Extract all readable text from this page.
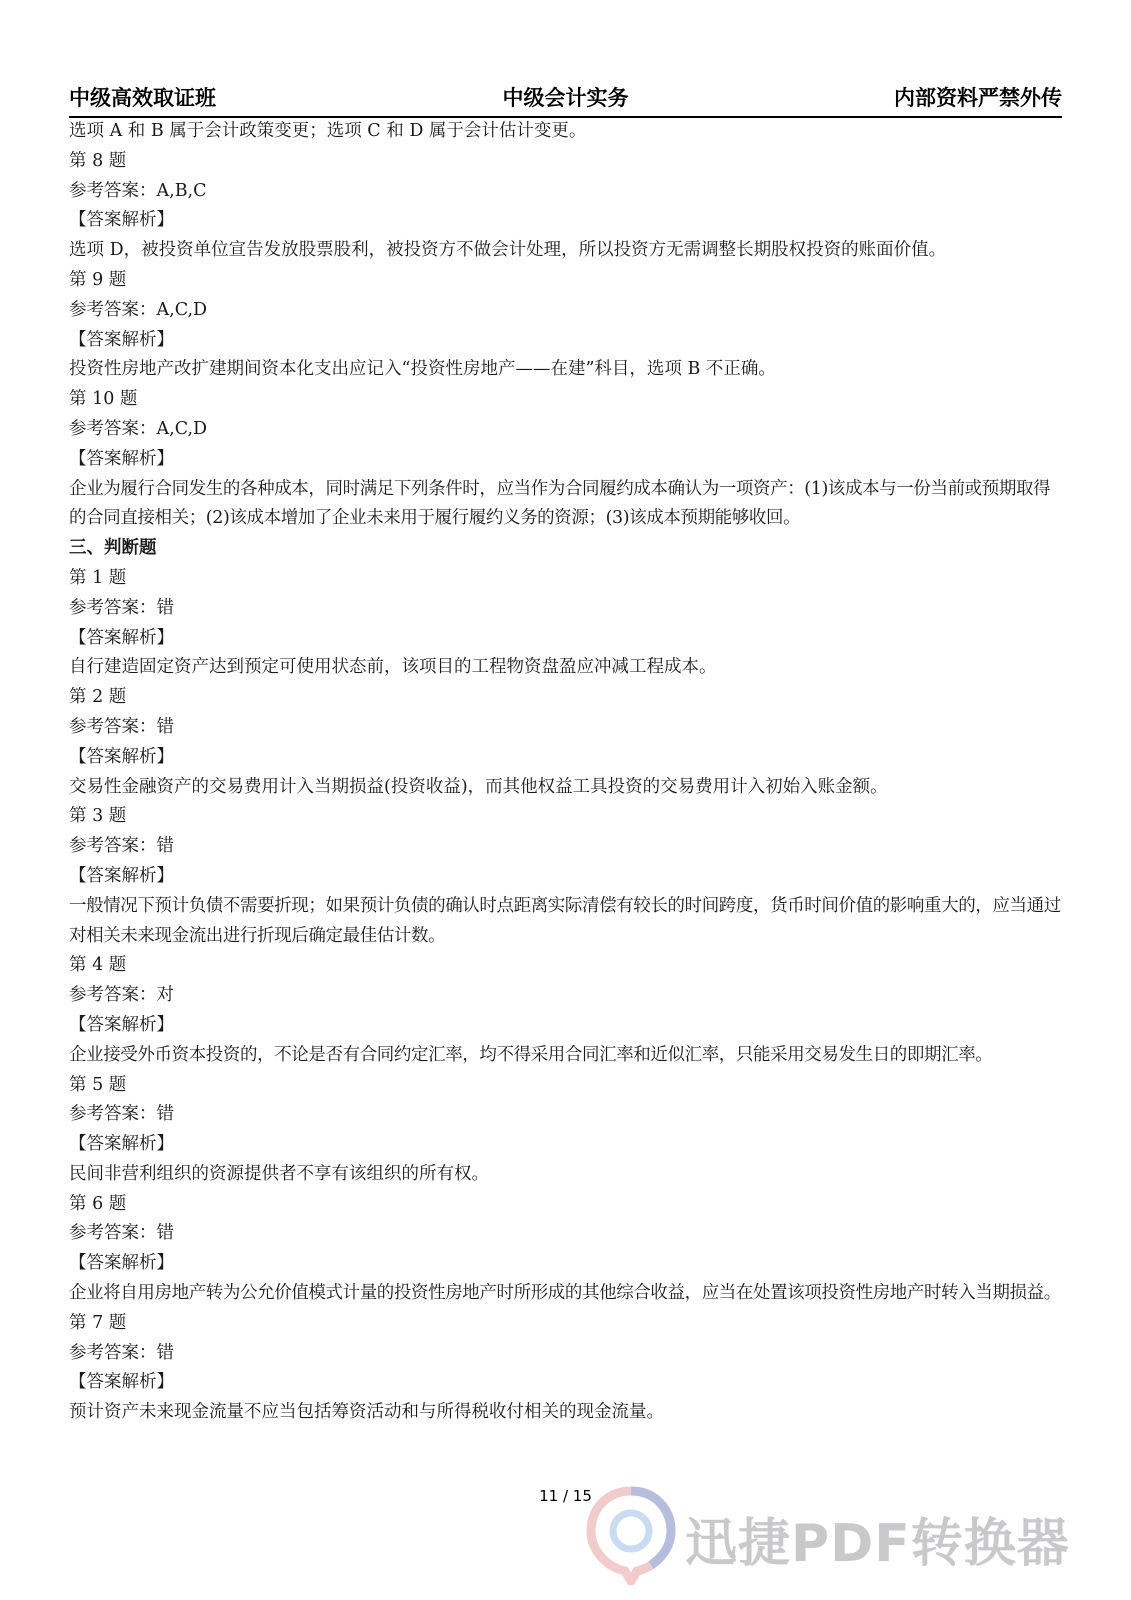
中级高效取证班	中级会计实务	内部资料严禁外传

选项 A 和 B 属于会计政策变更；选项 C 和 D 属于会计估计变更。

第 8 题

参考答案：A,B,C

【答案解析】

选项 D，被投资单位宣告发放股票股利，被投资方不做会计处理，所以投资方无需调整长期股权投资的账面价值。

第 9 题

参考答案：A,C,D

【答案解析】

投资性房地产改扩建期间资本化支出应记入“投资性房地产——在建”科目，选项 B 不正确。

第 10 题

参考答案：A,C,D

【答案解析】

企业为履行合同发生的各种成本，同时满足下列条件时，应当作为合同履约成本确认为一项资产：(1)该成本与一份当前或预期取得的合同直接相关；(2)该成本增加了企业未来用于履行履约义务的资源；(3)该成本预期能够收回。

三、判断题

第 1 题

参考答案：错

【答案解析】

自行建造固定资产达到预定可使用状态前，该项目的工程物资盘盈应冲减工程成本。

第 2 题

参考答案：错

【答案解析】

交易性金融资产的交易费用计入当期损益(投资收益)，而其他权益工具投资的交易费用计入初始入账金额。

第 3 题

参考答案：错

【答案解析】

一般情况下预计负债不需要折现；如果预计负债的确认时点距离实际清偿有较长的时间跨度，货币时间价值的影响重大的，应当通过对相关未来现金流出进行折现后确定最佳估计数。

第 4 题

参考答案：对

【答案解析】

企业接受外币资本投资的，不论是否有合同约定汇率，均不得采用合同汇率和近似汇率，只能采用交易发生日的即期汇率。

第 5 题

参考答案：错

【答案解析】

民间非营利组织的资源提供者不享有该组织的所有权。

第 6 题

参考答案：错

【答案解析】

企业将自用房地产转为公允价值模式计量的投资性房地产时所形成的其他综合收益，应当在处置该项投资性房地产时转入当期损益。

第 7 题

参考答案：错

【答案解析】

预计资产未来现金流量不应当包括筹资活动和与所得税收付相关的现金流量。

11 / 15
迅捷PDF转换器
